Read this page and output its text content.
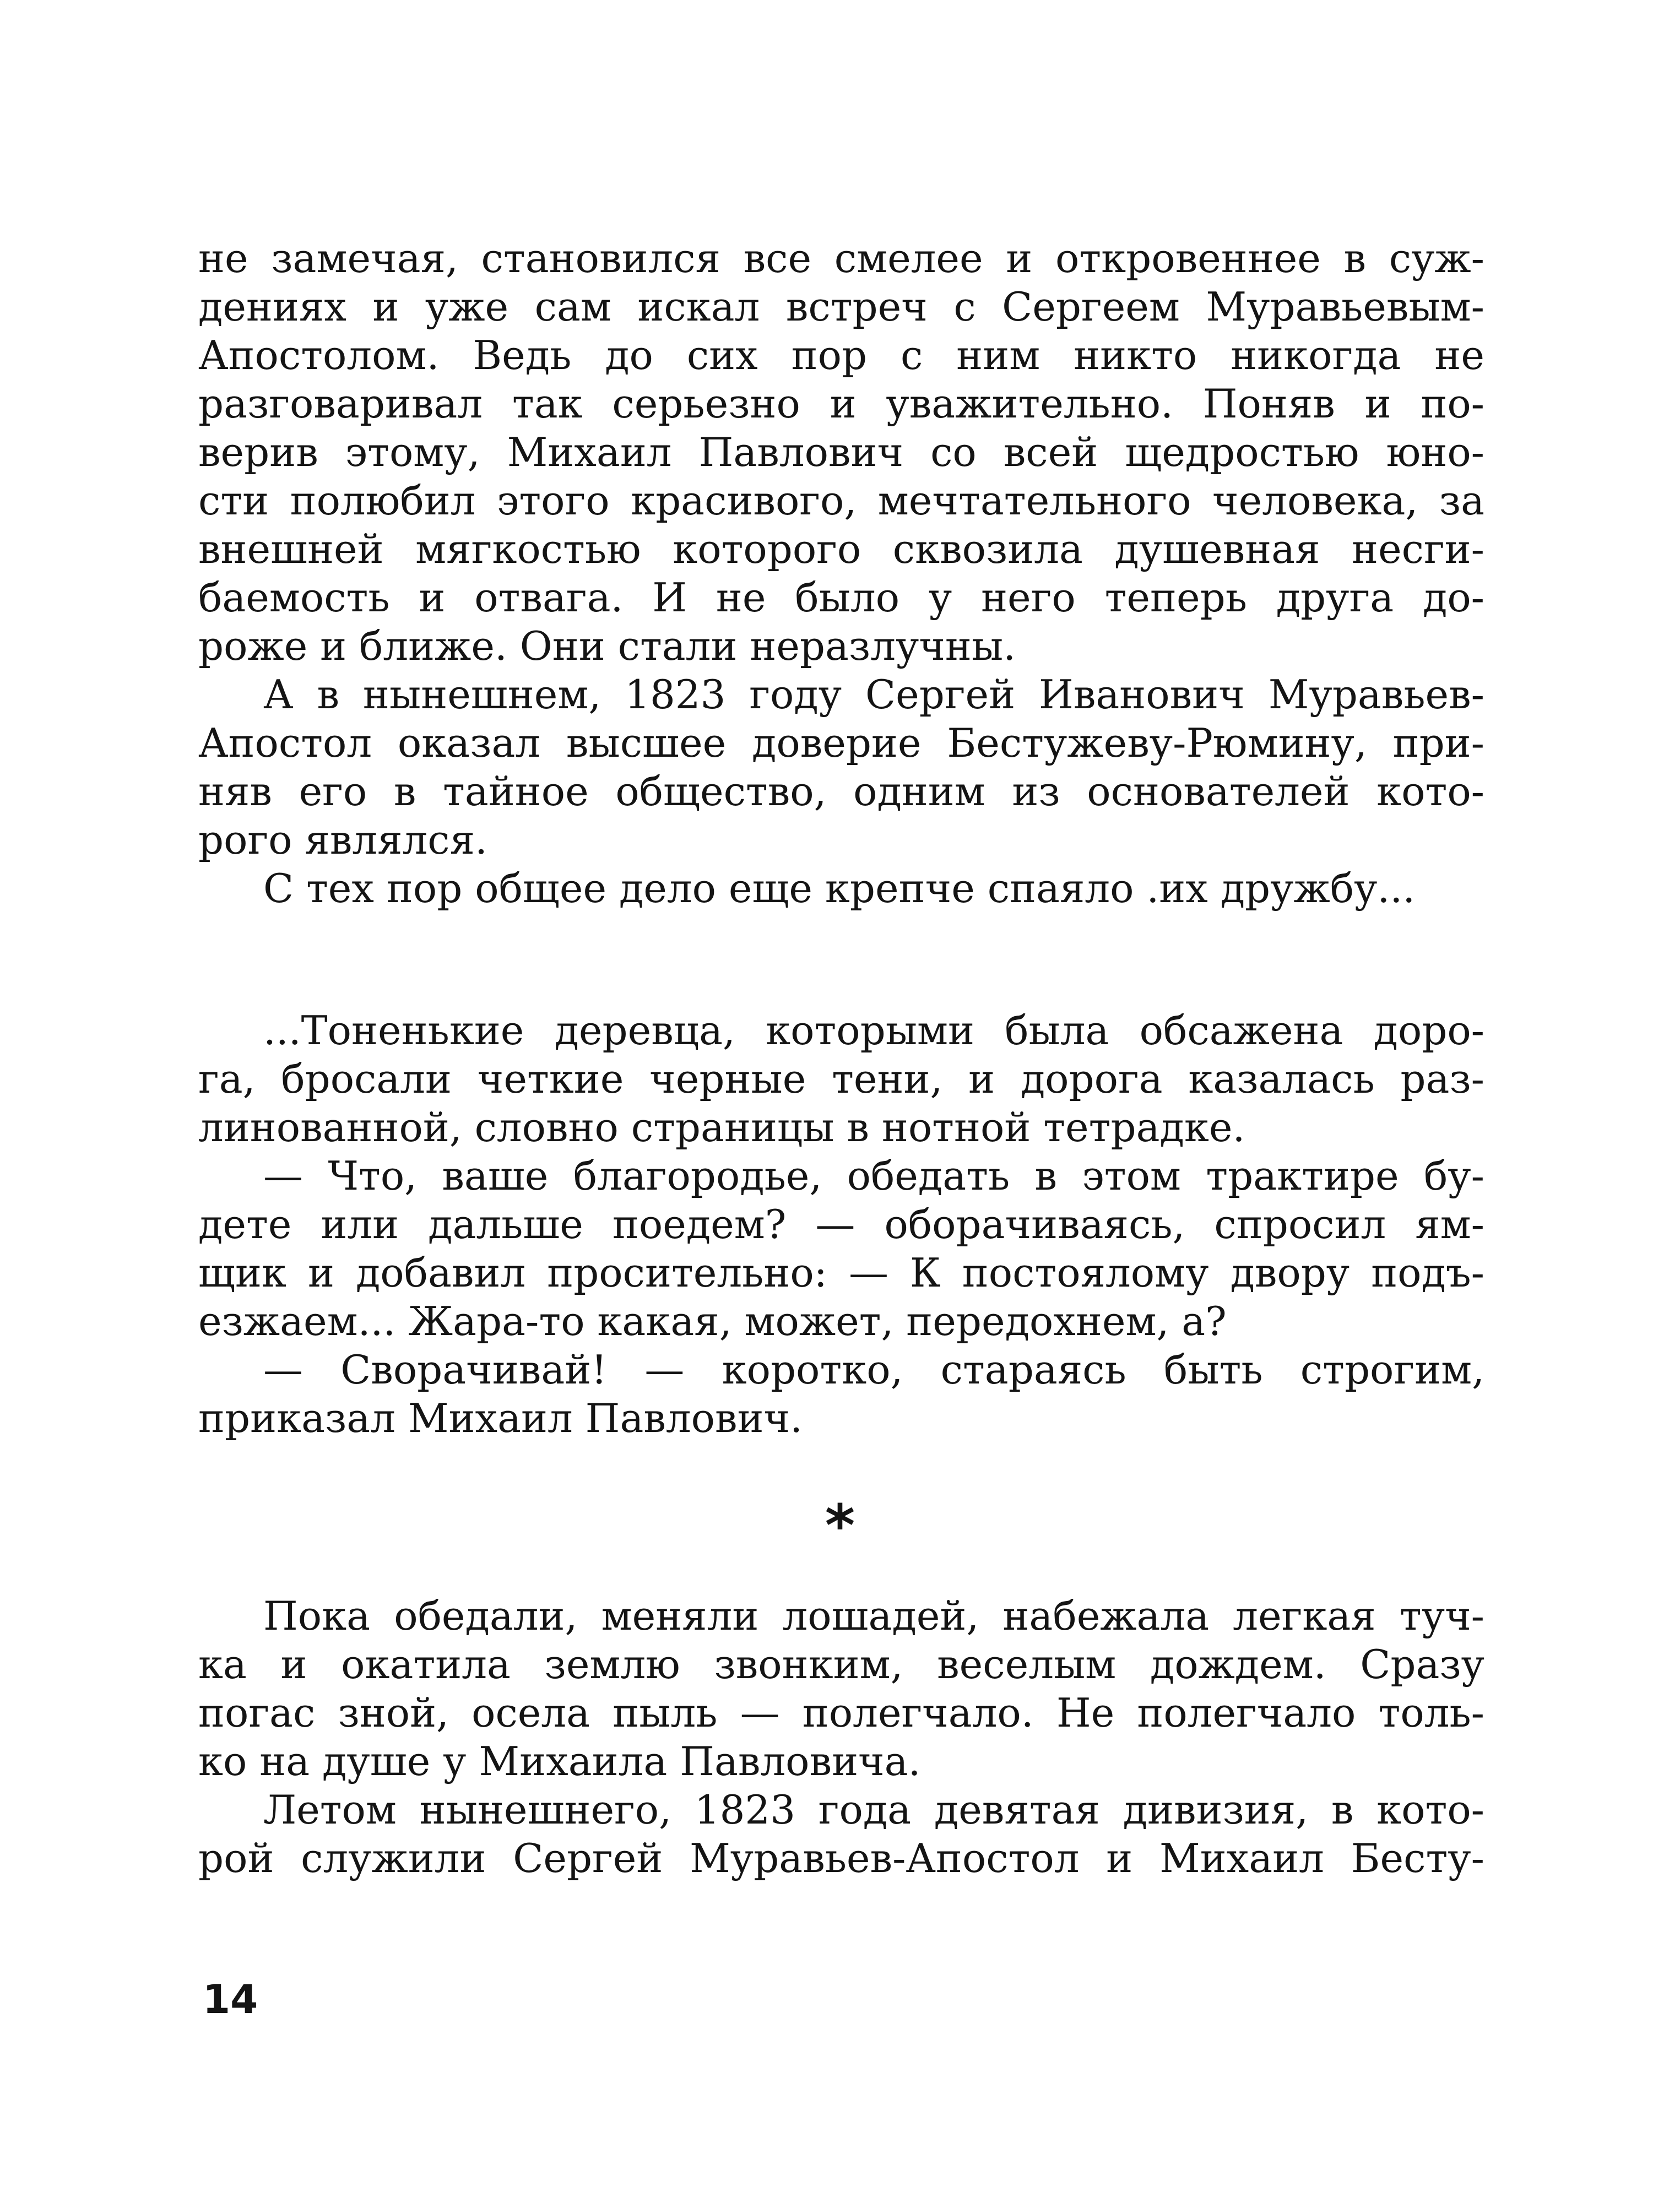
не замечая, становился все смелее и откровеннее в суж-
дениях и уже сам искал встреч с Сергеем Муравьевым-
Апостолом. Ведь до сих пор с ним никто никогда не
разговаривал так серьезно и уважительно. Поняв и по-
верив этому, Михаил Павлович со всей щедростью юно-
сти полюбил этого красивого, мечтательного человека, за
внешней мягкостью которого сквозила душевная несги-
баемость и отвага. И не было у него теперь друга до-
роже и ближе. Они стали неразлучны.
А в нынешнем, 1823 году Сергей Иванович Муравьев-
Апостол оказал высшее доверие Бестужеву-Рюмину, при-
няв его в тайное общество, одним из основателей кото-
рого являлся.
С тех пор общее дело еще крепче спаяло .их дружбу...
...Тоненькие деревца, которыми была обсажена доро-
га, бросали четкие черные тени, и дорога казалась раз-
линованной, словно страницы в нотной тетрадке.
— Что, ваше благородье, обедать в этом трактире бу-
дете или дальше поедем? — оборачиваясь, спросил ям-
щик и добавил просительно: — К постоялому двору подъ-
езжаем... Жара-то какая, может, передохнем, а?
— Сворачивай! — коротко, стараясь быть строгим,
приказал Михаил Павлович.
*
Пока обедали, меняли лошадей, набежала легкая туч-
ка и окатила землю звонким, веселым дождем. Сразу
погас зной, осела пыль — полегчало. Не полегчало толь-
ко на душе у Михаила Павловича.
Летом нынешнего, 1823 года девятая дивизия, в кото-
рой служили Сергей Муравьев-Апостол и Михаил Бесту-
14
